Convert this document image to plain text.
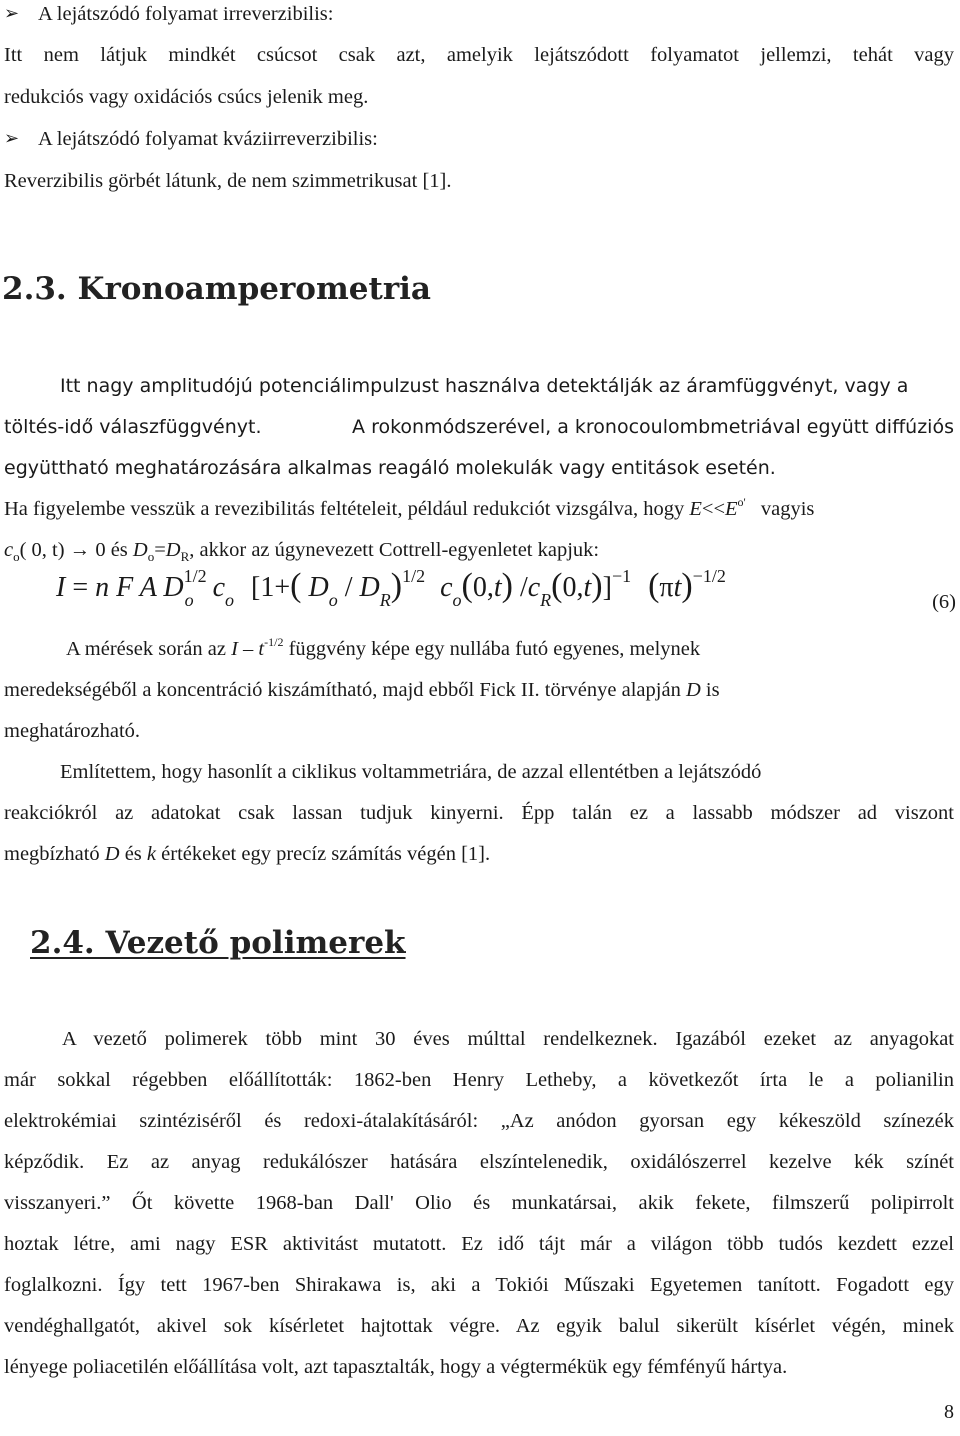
➢ A lejátszódó folyamat irreverzibilis:
Itt nem látjuk mindkét csúcsot csak azt, amelyik lejátszódott folyamatot jellemzi, tehát vagy
redukciós vagy oxidációs csúcs jelenik meg.
➢ A lejátszódó folyamat kváziirreverzibilis:
Reverzibilis görbét látunk, de nem szimmetrikusat [1].
2.3. Kronoamperometria
Itt nagy amplitudójú potenciálimpulzust használva detektálják az áramfüggvényt, vagy a
töltés-idő válaszfüggvényt.	A rokonmódszerével, a kronocoulombmetriával együtt diffúziós
együttható meghatározására alkalmas reagáló molekulák vagy entitások esetén.
Ha figyelembe vesszük a revezibilitás feltételeit, például redukciót vizsgálva, hogy $E<<E^{o'}$ vagyis
$c_o$( 0, t) → 0 és $D_o=D_R$, akkor az úgynevezett Cottrell-egyenletet kapjuk:
I = n F A $D^{1/2}_o$ $c_o$ [1+( $D_o / D_R)^{1/2}$ $c_o(0,t)$ $/c_R(0,t)]^{-1}$ $(\pi t)^{-1/2}$
(6)
A mérések során az I – $t^{-1/2}$ függvény képe egy nullába futó egyenes, melynek
meredekségéből a koncentráció kiszámítható, majd ebből Fick II. törvénye alapján D is
meghatározható.
Említettem, hogy hasonlít a ciklikus voltammetriára, de azzal ellentétben a lejátszódó
reakciókról az adatokat csak lassan tudjuk kinyerni. Épp talán ez a lassabb módszer ad viszont
megbízható D és k értékeket egy precíz számítás végén [1].
2.4. Vezető polimerek
A vezető polimerek több mint 30 éves múlttal rendelkeznek. Igazából ezeket az anyagokat
már sokkal régebben előállították: 1862-ben Henry Letheby, a következőt írta le a polianilin
elektrokémiai szintéziséről és redoxi-átalakításáról: „Az anódon gyorsan egy kékeszöld színezék
képződik. Ez az anyag redukálószer hatására elszíntelenedik, oxidálószerrel kezelve kék színét
visszanyeri.” Őt követte 1968-ban Dall' Olio és munkatársai, akik fekete, filmszerű polipirrolt
hoztak létre, ami nagy ESR aktivitást mutatott. Ez idő tájt már a világon több tudós kezdett ezzel
foglalkozni. Így tett 1967-ben Shirakawa is, aki a Tokiói Műszaki Egyetemen tanított. Fogadott egy
vendéghallgatót, akivel sok kísérletet hajtottak végre. Az egyik balul sikerült kísérlet végén, minek
lényege poliacetilén előállítása volt, azt tapasztalták, hogy a végtermékük egy fémfényű hártya.
8
